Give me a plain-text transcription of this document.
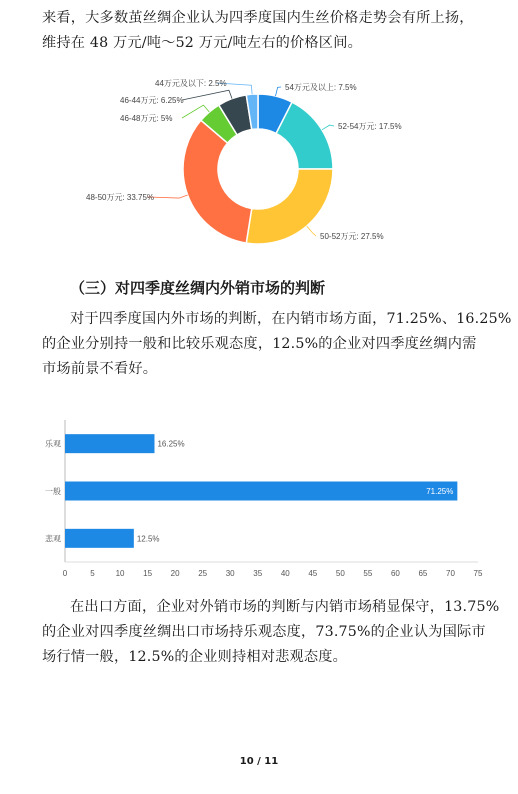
来看，大多数茧丝绸企业认为四季度国内生丝价格走势会有所上扬，
维持在 48 万元/吨～52 万元/吨左右的价格区间。
54万元及以上: 7.5%
52-54万元: 17.5%
50-52万元: 27.5%
48-50万元: 33.75%
46-48万元: 5%
46-44万元: 6.25%
44万元及以下: 2.5%
（三）对四季度丝绸内外销市场的判断
对于四季度国内外市场的判断，在内销市场方面，71.25%、16.25%
的企业分别持一般和比较乐观态度，12.5%的企业对四季度丝绸内需
市场前景不看好。
0	5	10 15 20 25 30 35 40 45 50 55 60 65 70 75
乐观	16.25%
一般	71.25%
悲观	12.5%
在出口方面，企业对外销市场的判断与内销市场稍显保守，13.75%
的企业对四季度丝绸出口市场持乐观态度，73.75%的企业认为国际市
场行情一般，12.5%的企业则持相对悲观态度。
10 / 11
